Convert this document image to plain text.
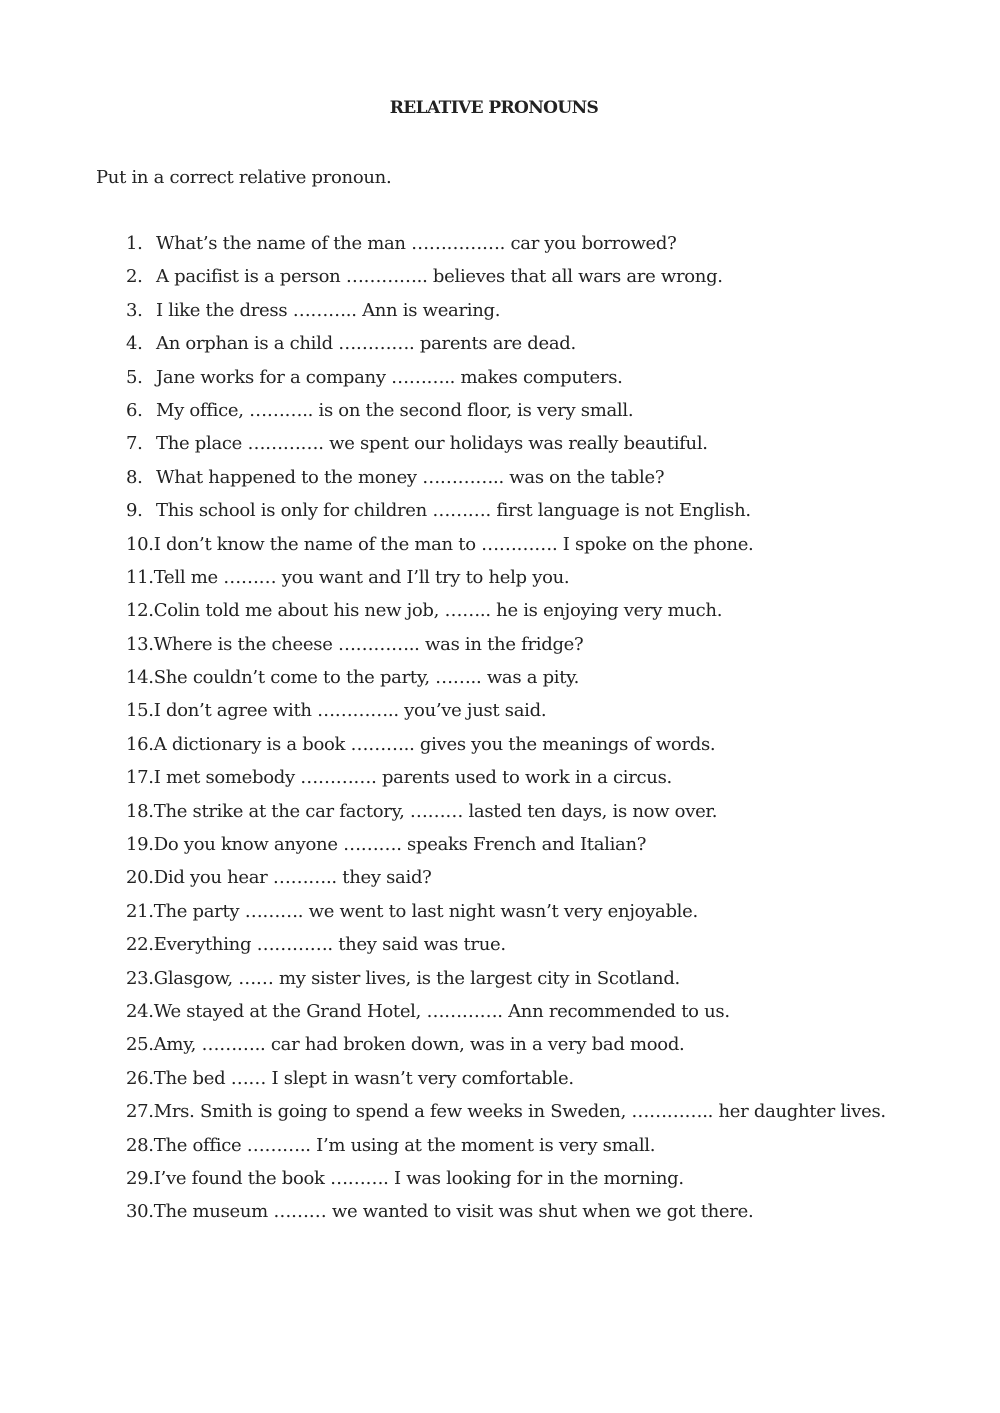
RELATIVE PRONOUNS
Put in a correct relative pronoun.
1. What’s the name of the man ……………. car you borrowed?
2. A pacifist is a person ………….. believes that all wars are wrong.
3. I like the dress ……….. Ann is wearing.
4. An orphan is a child …………. parents are dead.
5. Jane works for a company ……….. makes computers.
6. My office, ……….. is on the second floor, is very small.
7. The place …………. we spent our holidays was really beautiful.
8. What happened to the money ………….. was on the table?
9. This school is only for children ………. first language is not English.
10. I don’t know the name of the man to …………. I spoke on the phone.
11. Tell me ……… you want and I’ll try to help you.
12. Colin told me about his new job, …….. he is enjoying very much.
13. Where is the cheese ………….. was in the fridge?
14. She couldn’t come to the party, …….. was a pity.
15. I don’t agree with ………….. you’ve just said.
16. A dictionary is a book ……….. gives you the meanings of words.
17. I met somebody …………. parents used to work in a circus.
18. The strike at the car factory, ……… lasted ten days, is now over.
19. Do you know anyone ………. speaks French and Italian?
20. Did you hear ……….. they said?
21. The party ………. we went to last night wasn’t very enjoyable.
22. Everything …………. they said was true.
23. Glasgow, …… my sister lives, is the largest city in Scotland.
24. We stayed at the Grand Hotel, …………. Ann recommended to us.
25. Amy, ……….. car had broken down, was in a very bad mood.
26. The bed …… I slept in wasn’t very comfortable.
27. Mrs. Smith is going to spend a few weeks in Sweden, ………….. her daughter lives.
28. The office ……….. I’m using at the moment is very small.
29. I’ve found the book ………. I was looking for in the morning.
30. The museum ……… we wanted to visit was shut when we got there.
